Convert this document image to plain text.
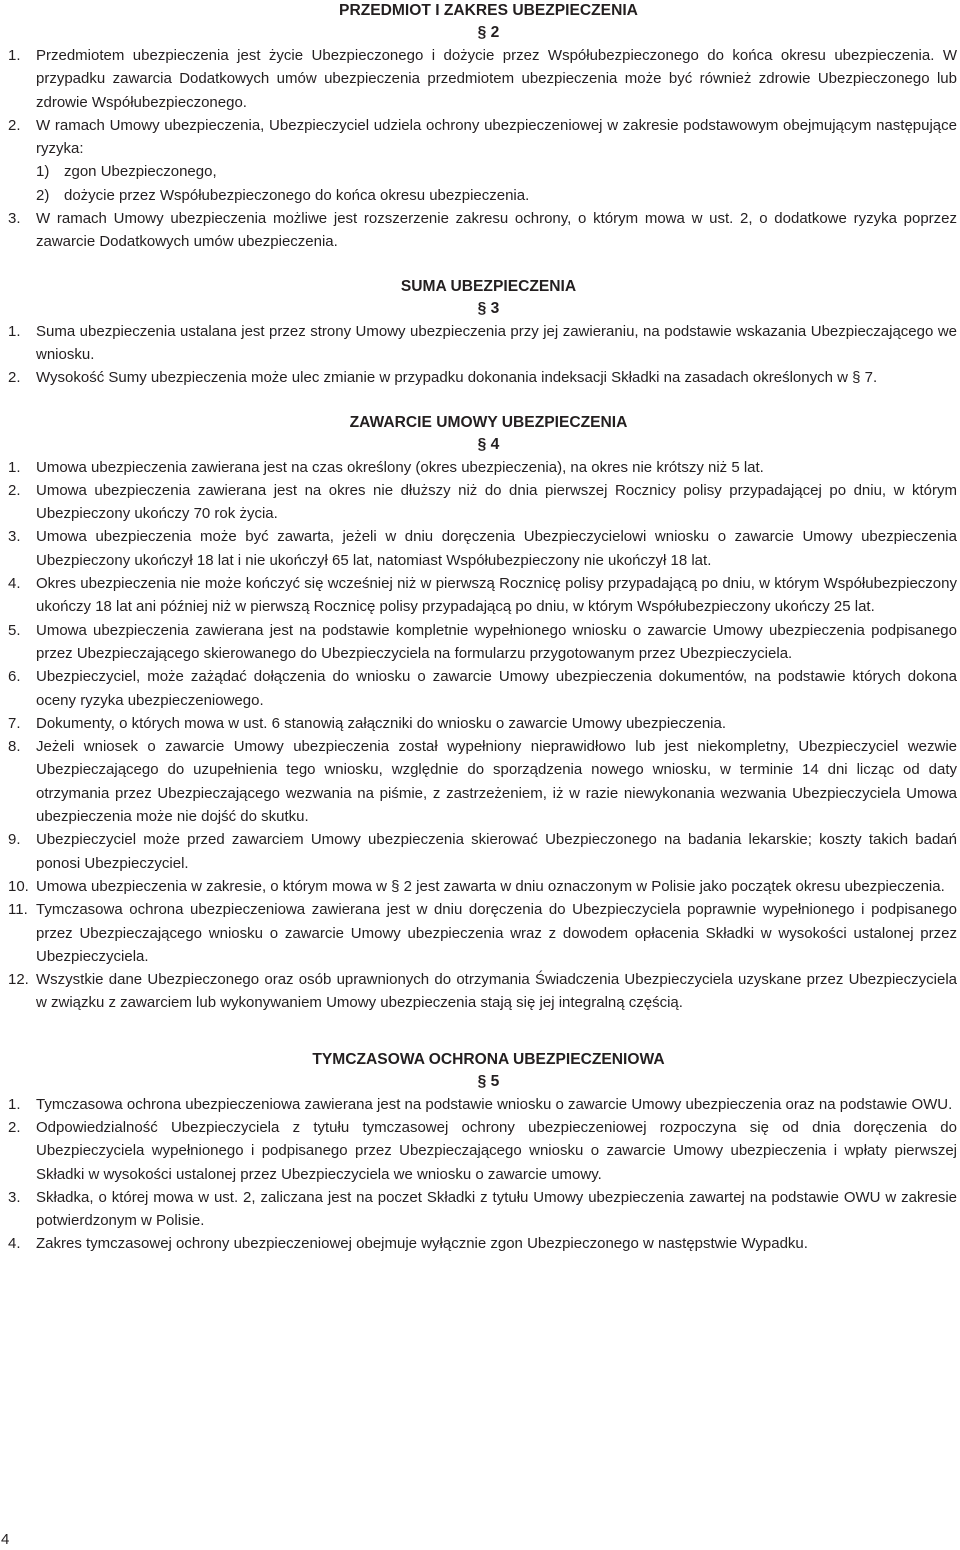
PRZEDMIOT I ZAKRES UBEZPIECZENIA

§ 2

1.	Przedmiotem ubezpieczenia jest życie Ubezpieczonego i dożycie przez Współubezpieczonego do końca okresu ubezpieczenia. W przypadku zawarcia Dodatkowych umów ubezpieczenia przedmiotem ubezpieczenia może być również zdrowie Ubezpieczonego lub zdrowie Współubezpieczonego.
2.	W ramach Umowy ubezpieczenia, Ubezpieczyciel udziela ochrony ubezpieczeniowej w zakresie podstawowym obejmującym następujące ryzyka:
1) zgon Ubezpieczonego,
2) dożycie przez Współubezpieczonego do końca okresu ubezpieczenia.
3.	W ramach Umowy ubezpieczenia możliwe jest rozszerzenie zakresu ochrony, o którym mowa w ust. 2, o dodatkowe ryzyka poprzez zawarcie Dodatkowych umów ubezpieczenia.
SUMA UBEZPIECZENIA

§ 3

1.	Suma ubezpieczenia ustalana jest przez strony Umowy ubezpieczenia przy jej zawieraniu, na podstawie wskazania Ubezpieczającego we wniosku.
2.	Wysokość Sumy ubezpieczenia może ulec zmianie w przypadku dokonania indeksacji Składki na zasadach określonych w § 7.
ZAWARCIE UMOWY UBEZPIECZENIA

§ 4

1.	Umowa ubezpieczenia zawierana jest na czas określony (okres ubezpieczenia), na okres nie krótszy niż 5 lat.
2.	Umowa ubezpieczenia zawierana jest na okres nie dłuższy niż do dnia pierwszej Rocznicy polisy przypadającej po dniu, w którym Ubezpieczony ukończy 70 rok życia.
3.	Umowa ubezpieczenia może być zawarta, jeżeli w dniu doręczenia Ubezpieczycielowi wniosku o zawarcie Umowy ubezpieczenia Ubezpieczony ukończył 18 lat i nie ukończył 65 lat, natomiast Współubezpieczony nie ukończył 18 lat.
4.	Okres ubezpieczenia nie może kończyć się wcześniej niż w pierwszą Rocznicę polisy przypadającą po dniu, w którym Współubezpieczony ukończy 18 lat ani później niż w pierwszą Rocznicę polisy przypadającą po dniu, w którym Współubezpieczony ukończy 25 lat.
5.	Umowa ubezpieczenia zawierana jest na podstawie kompletnie wypełnionego wniosku o zawarcie Umowy ubezpieczenia podpisanego przez Ubezpieczającego skierowanego do Ubezpieczyciela na formularzu przygotowanym przez Ubezpieczyciela.
6.	Ubezpieczyciel, może zażądać dołączenia do wniosku o zawarcie Umowy ubezpieczenia dokumentów, na podstawie których dokona oceny ryzyka ubezpieczeniowego.
7.	Dokumenty, o których mowa w ust. 6 stanowią załączniki do wniosku o zawarcie Umowy ubezpieczenia.
8.	Jeżeli wniosek o zawarcie Umowy ubezpieczenia został wypełniony nieprawidłowo lub jest niekompletny, Ubezpieczyciel wezwie Ubezpieczającego do uzupełnienia tego wniosku, względnie do sporządzenia nowego wniosku, w terminie 14 dni licząc od daty otrzymania przez Ubezpieczającego wezwania na piśmie, z zastrzeżeniem, iż w razie niewykonania wezwania Ubezpieczyciela Umowa ubezpieczenia może nie dojść do skutku.
9.	Ubezpieczyciel może przed zawarciem Umowy ubezpieczenia skierować Ubezpieczonego na badania lekarskie; koszty takich badań ponosi Ubezpieczyciel.
10. Umowa ubezpieczenia w zakresie, o którym mowa w § 2 jest zawarta w dniu oznaczonym w Polisie jako początek okresu ubezpieczenia.
11. Tymczasowa ochrona ubezpieczeniowa zawierana jest w dniu doręczenia do Ubezpieczyciela poprawnie wypełnionego i podpisanego przez Ubezpieczającego wniosku o zawarcie Umowy ubezpieczenia wraz z dowodem opłacenia Składki w wysokości ustalonej przez Ubezpieczyciela.
12. Wszystkie dane Ubezpieczonego oraz osób uprawnionych do otrzymania Świadczenia Ubezpieczyciela uzyskane przez Ubezpieczyciela w związku z zawarciem lub wykonywaniem Umowy ubezpieczenia stają się jej integralną częścią.
TYMCZASOWA OCHRONA UBEZPIECZENIOWA

§ 5

1.	Tymczasowa ochrona ubezpieczeniowa zawierana jest na podstawie wniosku o zawarcie Umowy ubezpieczenia oraz na podstawie OWU.
2.	Odpowiedzialność Ubezpieczyciela z tytułu tymczasowej ochrony ubezpieczeniowej rozpoczyna się od dnia doręczenia do Ubezpieczyciela wypełnionego i podpisanego przez Ubezpieczającego wniosku o zawarcie Umowy ubezpieczenia i wpłaty pierwszej Składki w wysokości ustalonej przez Ubezpieczyciela we wniosku o zawarcie umowy.
3.	Składka, o której mowa w ust. 2, zaliczana jest na poczet Składki z tytułu Umowy ubezpieczenia zawartej na podstawie OWU w zakresie potwierdzonym w Polisie.
4.	Zakres tymczasowej ochrony ubezpieczeniowej obejmuje wyłącznie zgon Ubezpieczonego w następstwie Wypadku.
4
